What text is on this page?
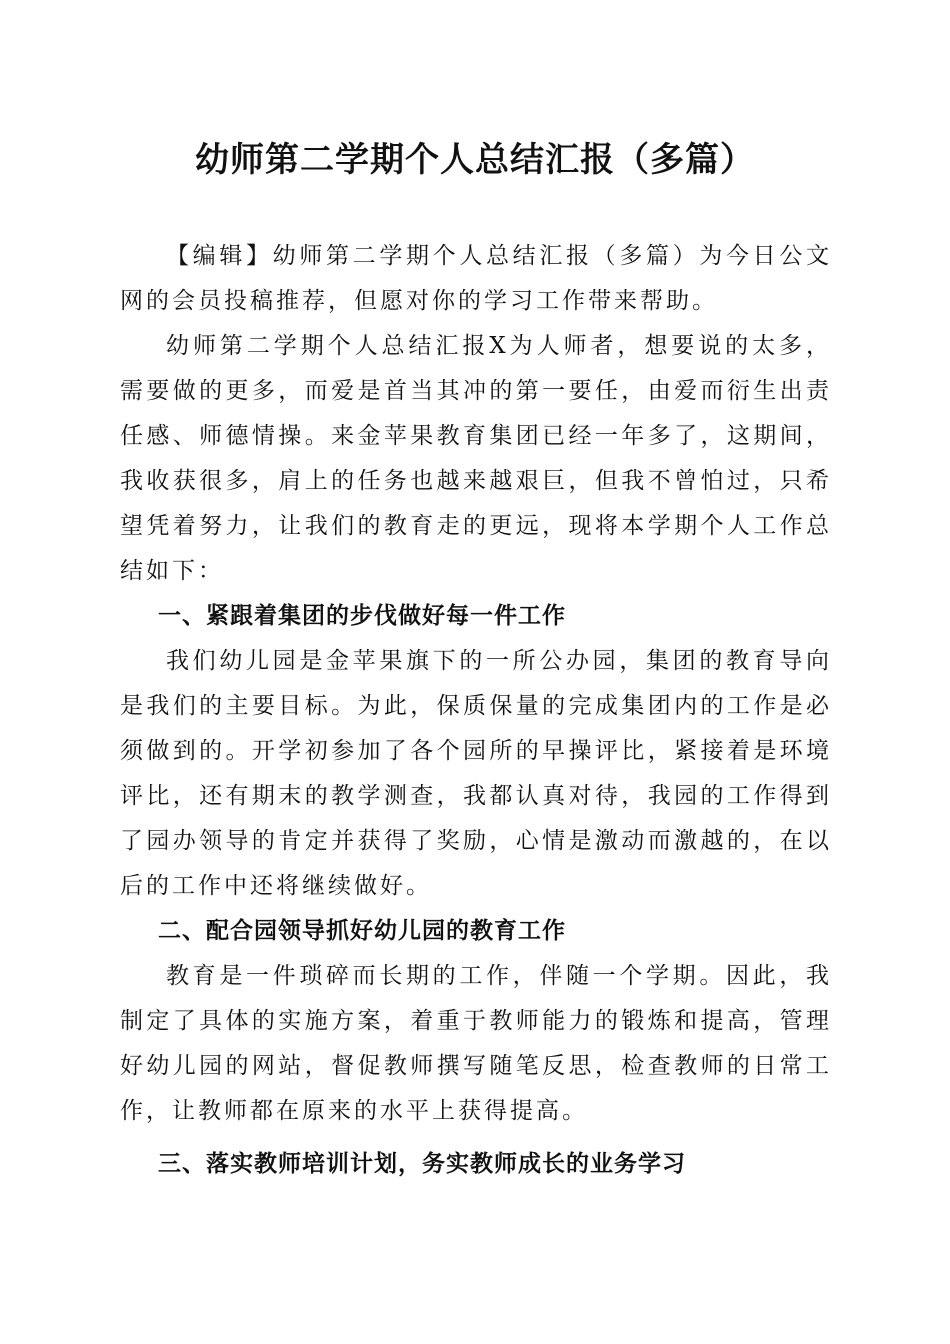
幼师第二学期个人总结汇报（多篇）

【编辑】幼师第二学期个人总结汇报（多篇）为今日公文网的会员投稿推荐，但愿对你的学习工作带来帮助。

幼师第二学期个人总结汇报X为人师者，想要说的太多，需要做的更多，而爱是首当其冲的第一要任，由爱而衍生出责任感、师德情操。来金苹果教育集团已经一年多了，这期间，我收获很多，肩上的任务也越来越艰巨，但我不曾怕过，只希望凭着努力，让我们的教育走的更远，现将本学期个人工作总结如下：

一、紧跟着集团的步伐做好每一件工作

我们幼儿园是金苹果旗下的一所公办园，集团的教育导向是我们的主要目标。为此，保质保量的完成集团内的工作是必须做到的。开学初参加了各个园所的早操评比，紧接着是环境评比，还有期末的教学测查，我都认真对待，我园的工作得到了园办领导的肯定并获得了奖励，心情是激动而激越的，在以后的工作中还将继续做好。

二、配合园领导抓好幼儿园的教育工作

教育是一件琐碎而长期的工作，伴随一个学期。因此，我制定了具体的实施方案，着重于教师能力的锻炼和提高，管理好幼儿园的网站，督促教师撰写随笔反思，检查教师的日常工作，让教师都在原来的水平上获得提高。

三、落实教师培训计划，务实教师成长的业务学习
